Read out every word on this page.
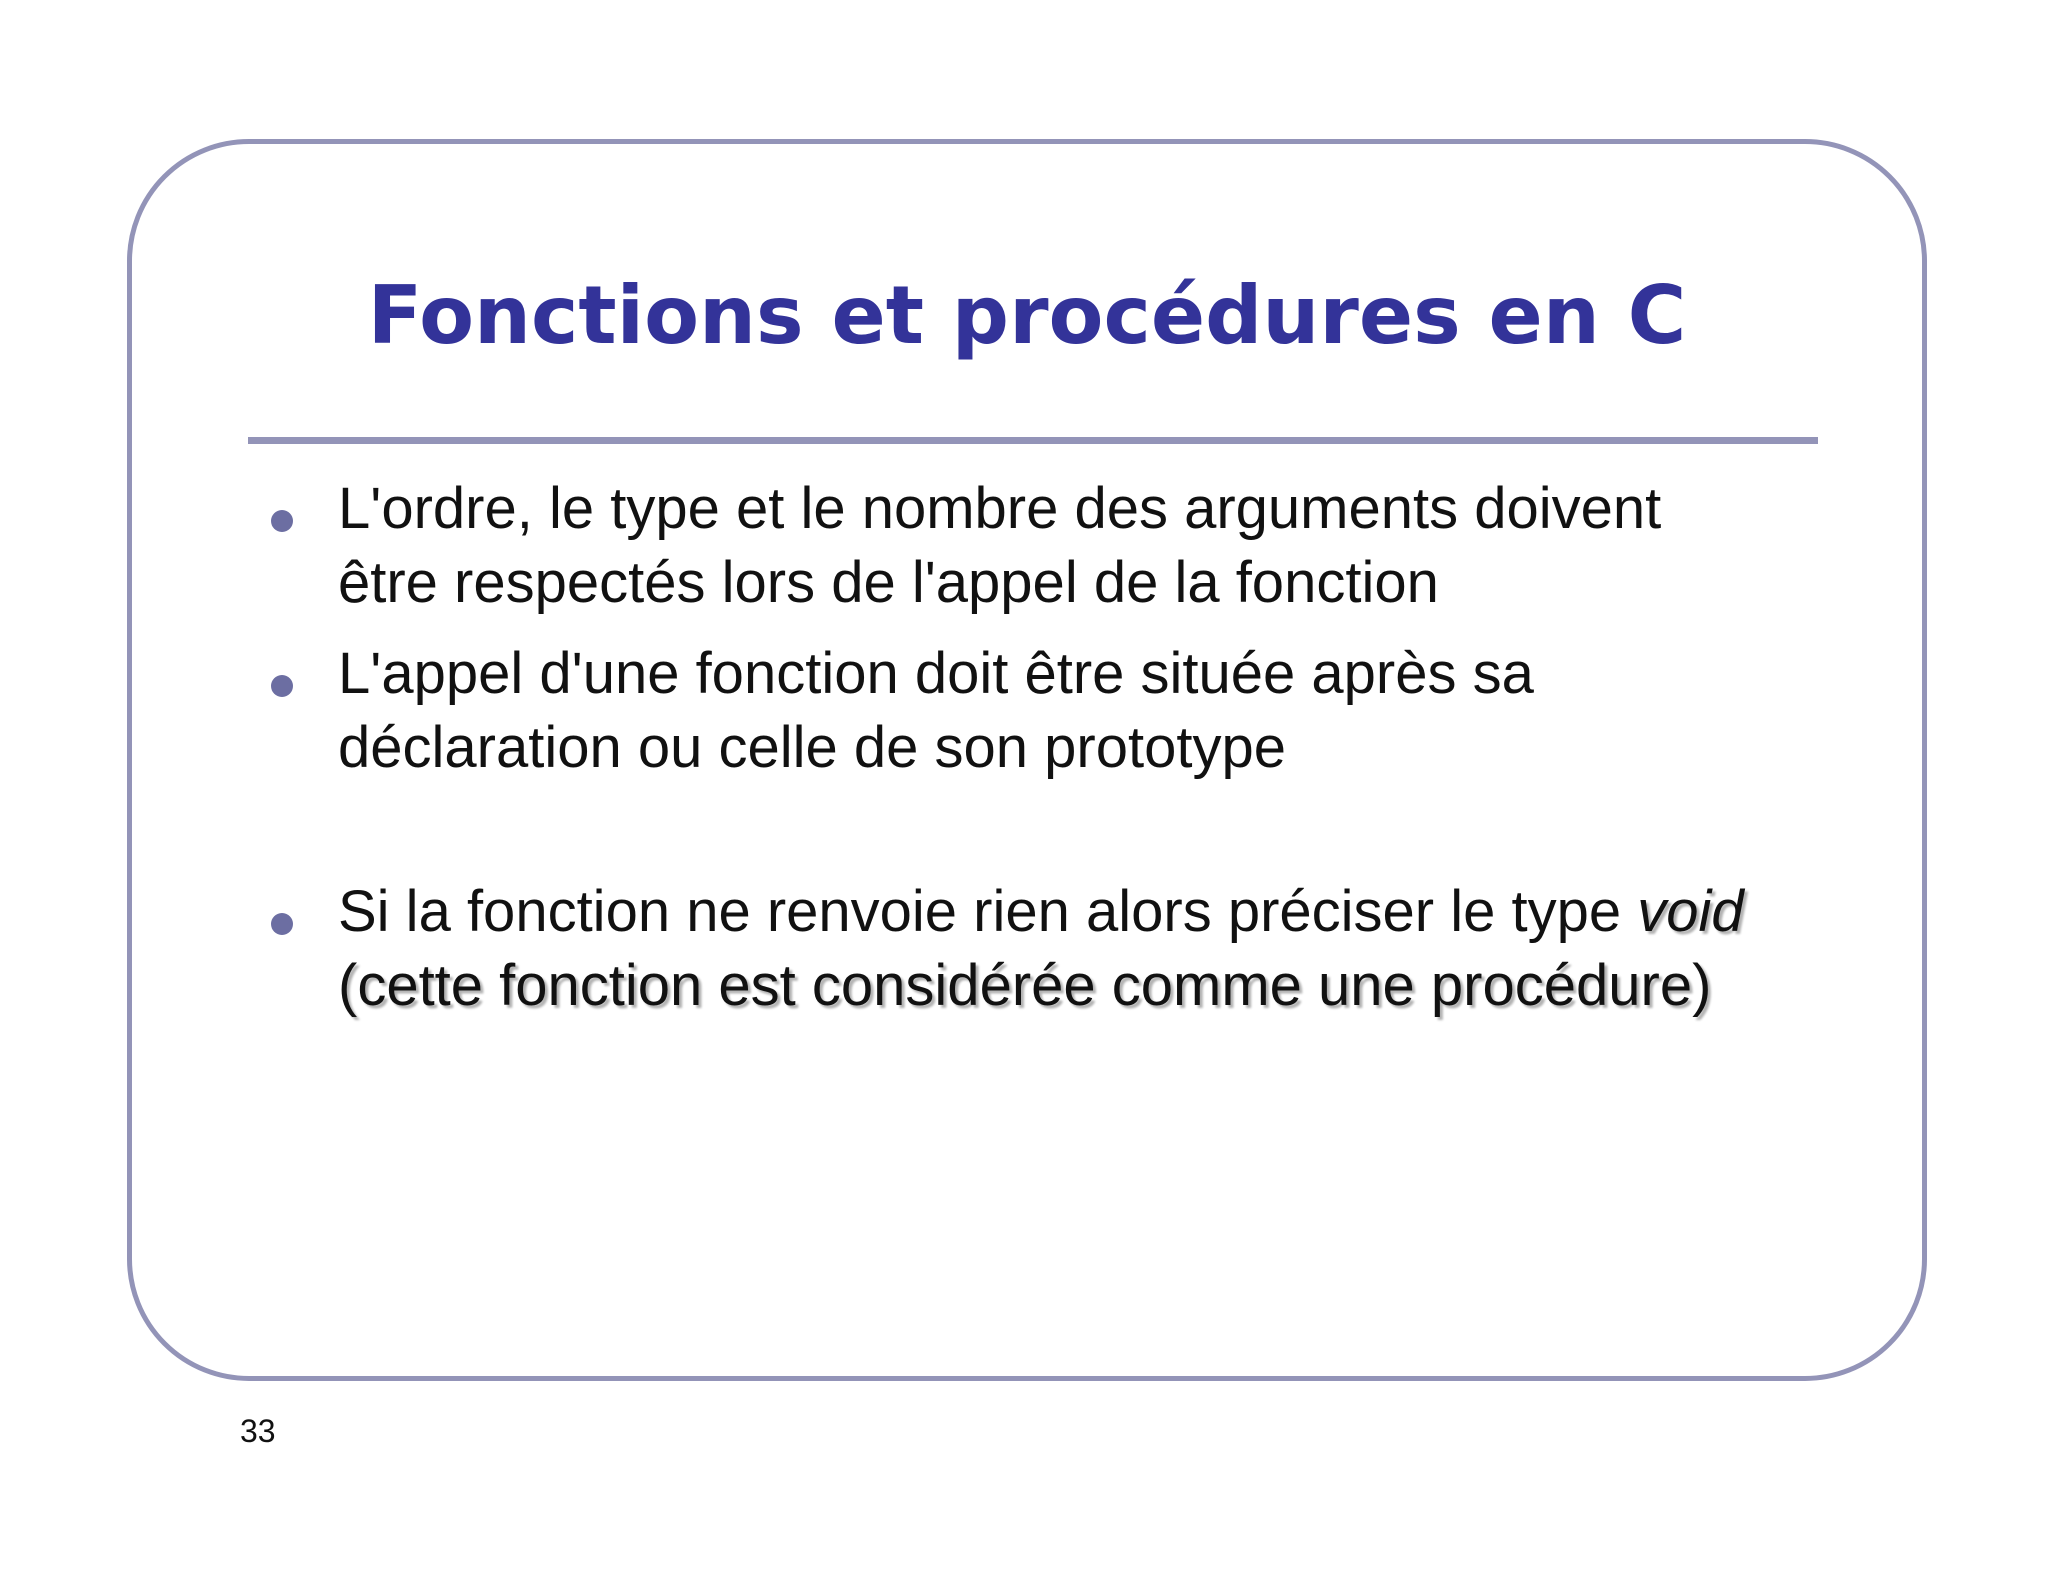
Fonctions et procédures en C
L'ordre, le type et le nombre des arguments doivent
être respectés lors de l'appel de la fonction
L'appel d'une fonction doit être située après sa
déclaration ou celle de son prototype
Si la fonction ne renvoie rien alors préciser le type void
(cette fonction est considérée comme une procédure)
33
